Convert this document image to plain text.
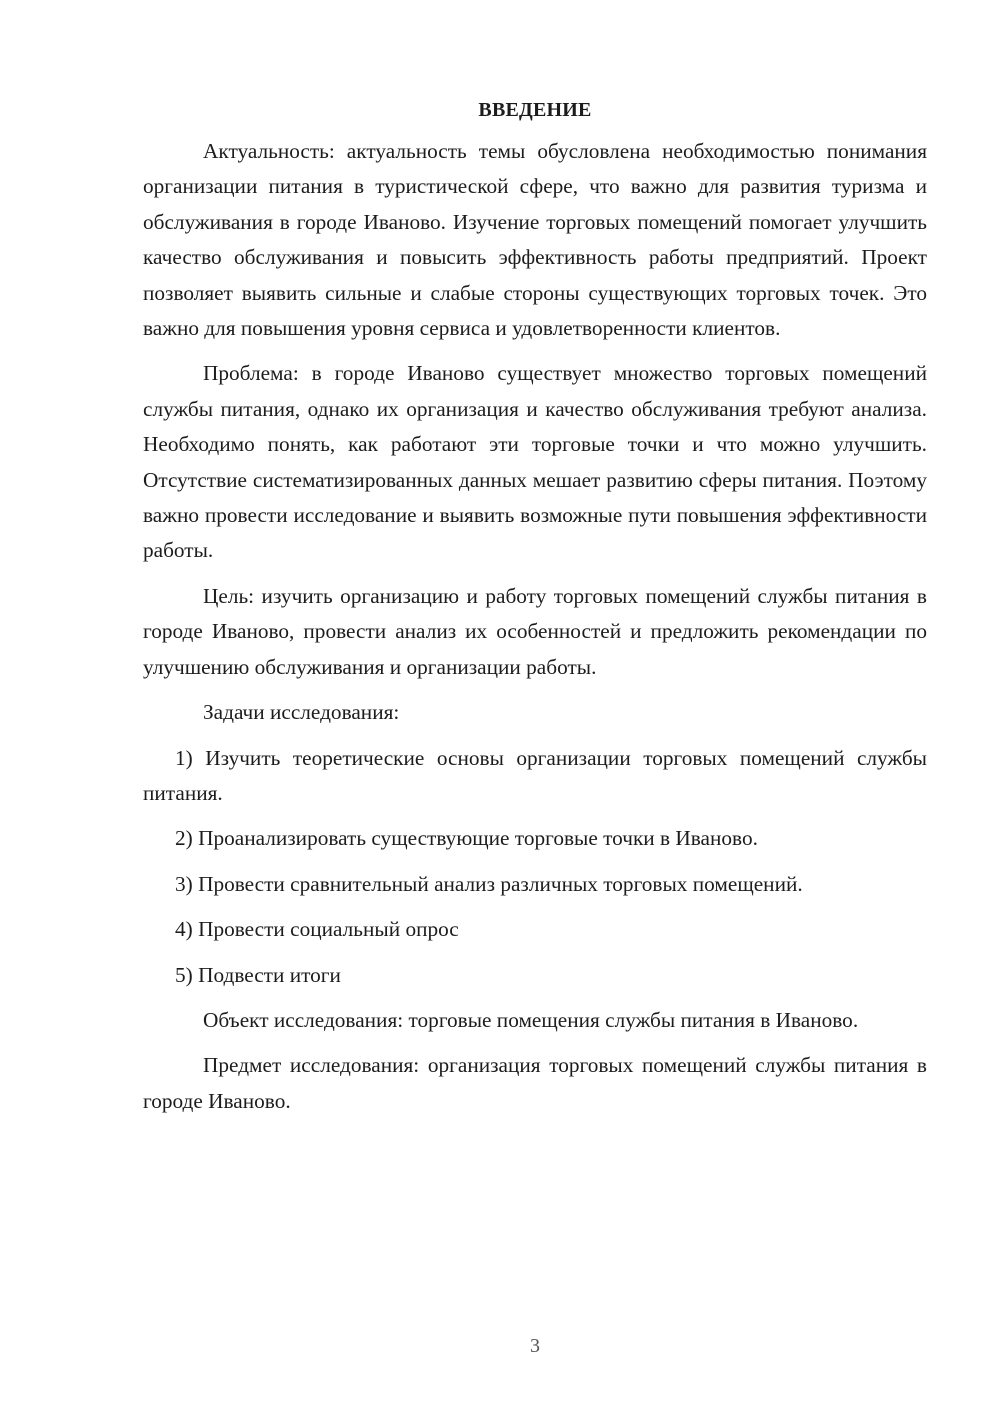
ВВЕДЕНИЕ

Актуальность: актуальность темы обусловлена необходимостью понимания организации питания в туристической сфере, что важно для развития туризма и обслуживания в городе Иваново. Изучение торговых помещений помогает улучшить качество обслуживания и повысить эффективность работы предприятий. Проект позволяет выявить сильные и слабые стороны существующих торговых точек. Это важно для повышения уровня сервиса и удовлетворенности клиентов.

Проблема: в городе Иваново существует множество торговых помещений службы питания, однако их организация и качество обслуживания требуют анализа. Необходимо понять, как работают эти торговые точки и что можно улучшить. Отсутствие систематизированных данных мешает развитию сферы питания. Поэтому важно провести исследование и выявить возможные пути повышения эффективности работы.

Цель: изучить организацию и работу торговых помещений службы питания в городе Иваново, провести анализ их особенностей и предложить рекомендации по улучшению обслуживания и организации работы.

Задачи исследования:

1) Изучить теоретические основы организации торговых помещений службы питания.

2) Проанализировать существующие торговые точки в Иваново.

3) Провести сравнительный анализ различных торговых помещений.

4) Провести социальный опрос

5) Подвести итоги

Объект исследования: торговые помещения службы питания в Иваново.

Предмет исследования: организация торговых помещений службы питания в городе Иваново.

3
